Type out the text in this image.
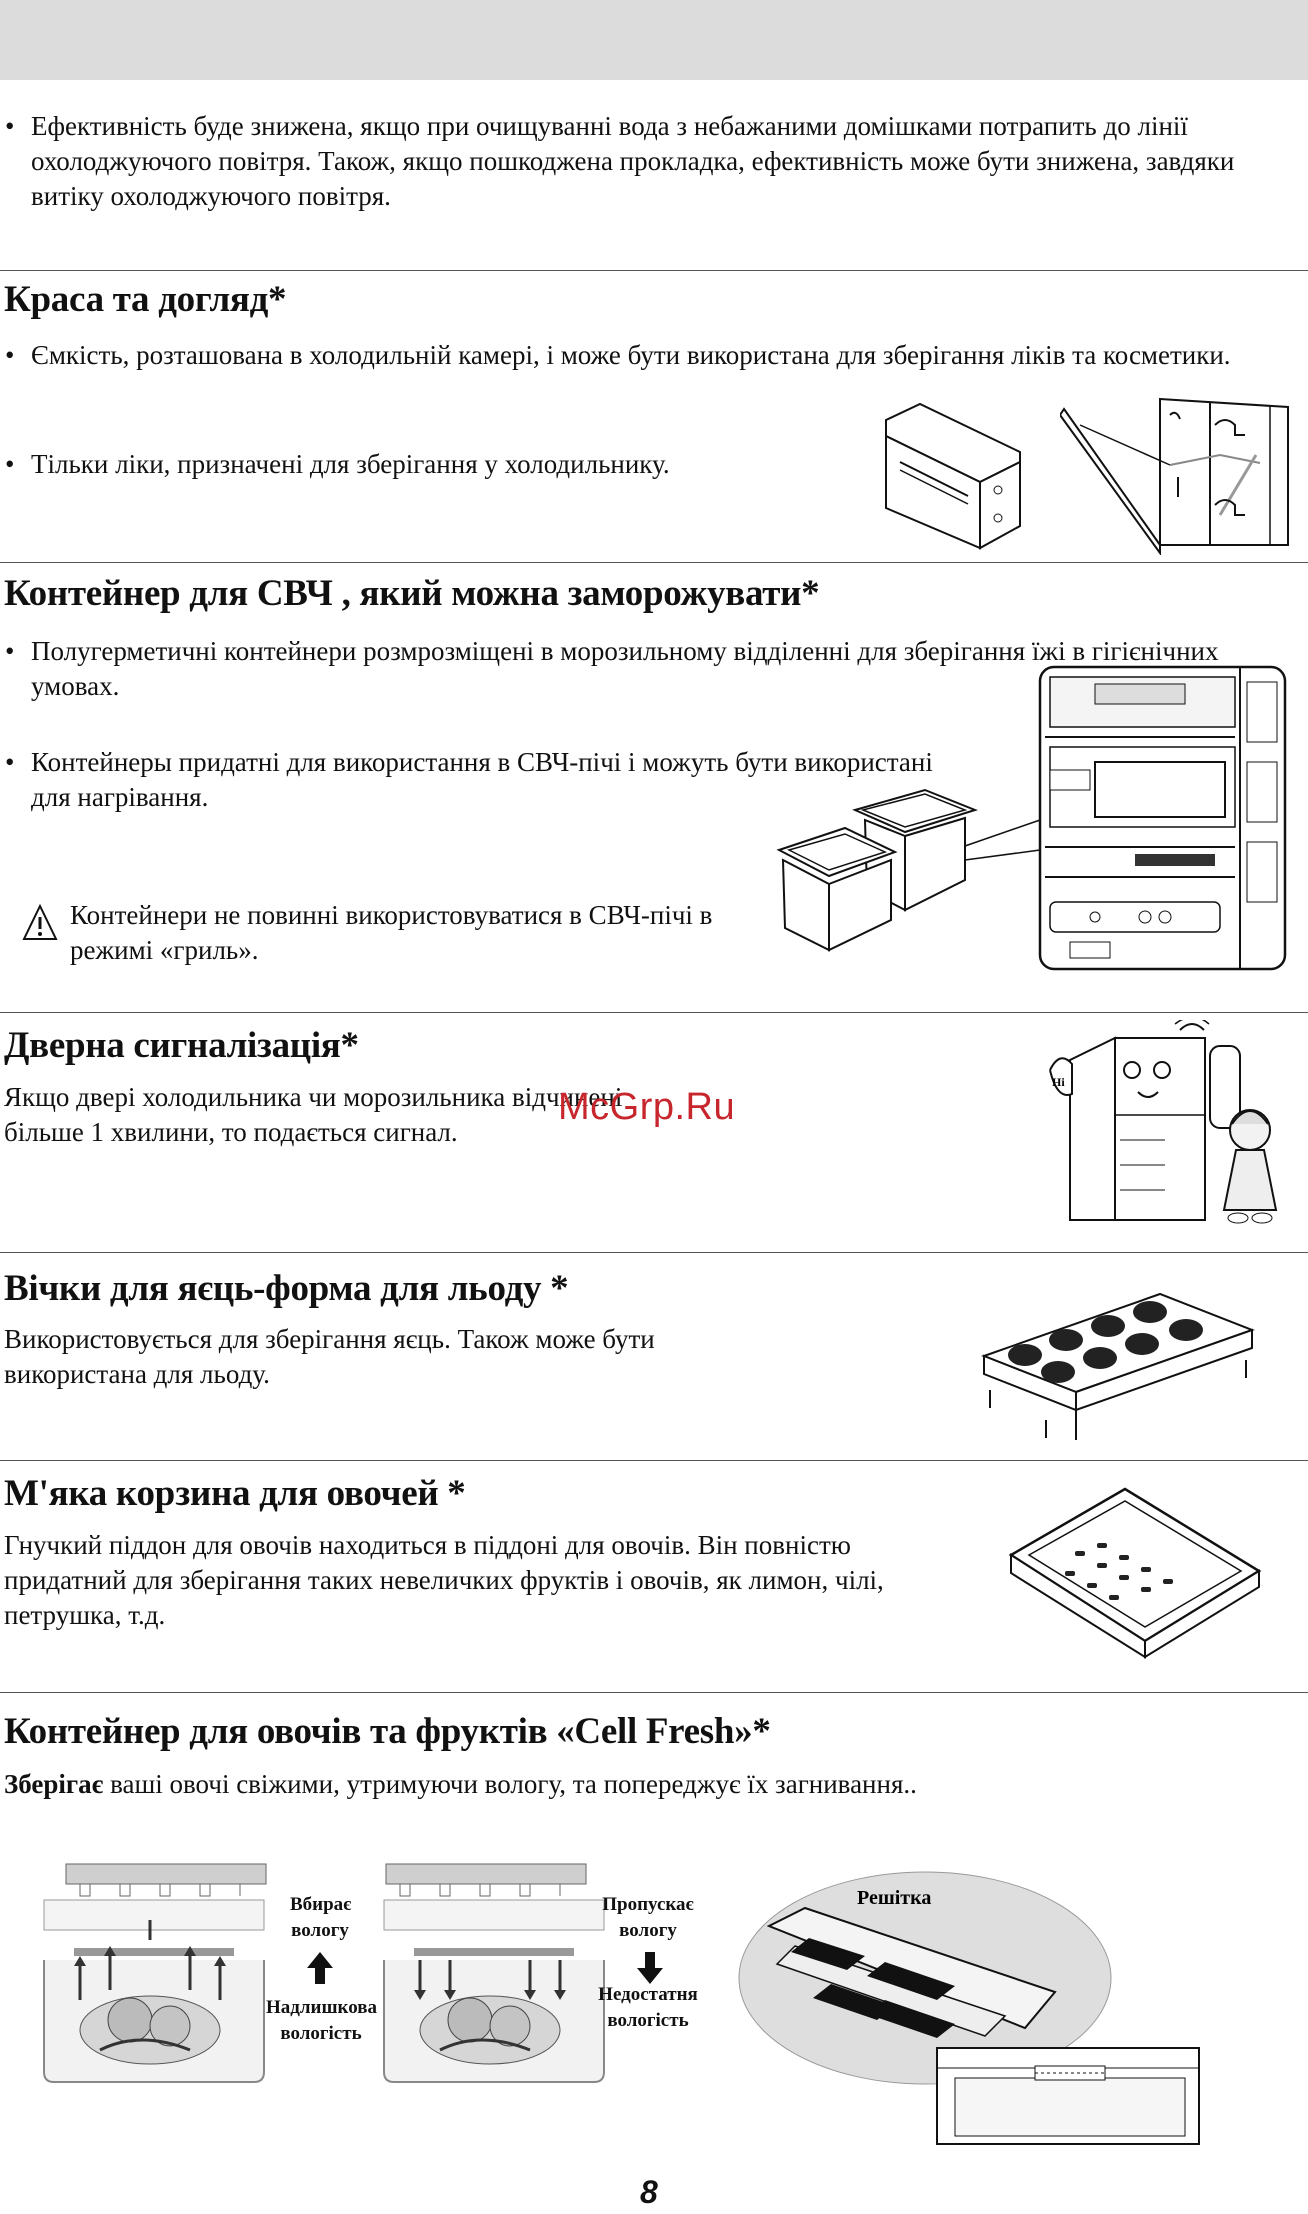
• Ефективність буде знижена, якщо при очищуванні вода з небажаними домішками потрапить до лінії охолоджуючого повітря. Також, якщо пошкоджена прокладка, ефективність може бути знижена, завдяки витіку охолоджуючого повітря.

Краса та догляд*

• Ємкість, розташована в холодильній камері, і може бути використана для зберігання ліків та косметики.

• Тільки ліки, призначені для зберігання у холодильнику.

Контейнер для СВЧ , який можна заморожувати*

• Полугерметичні контейнери розмрозміщені в морозильному відділенні для зберігання їжі в гігієнічних умовах.

• Контейнеры придатні для використання в СВЧ-пічі і можуть бути використані для нагрівання.

Контейнери не повинні використовуватися в СВЧ-пічі в режимі «гриль».

Дверна сигналізація*

Якщо двері холодильника чи морозильника відчинені більше 1 хвилини, то подається сигнал.

Hi
Вічки для яєць-форма для льоду *

Використовується для зберігання яєць. Також може бути використана для льоду.

М'яка корзина для овочей *

Гнучкий піддон для овочів находиться в піддоні для овочів. Він повністю придатний для зберігання таких невеличких фруктів і овочів, як лимон, чілі, петрушка, т.д.

Контейнер для овочів та фруктів «Cell Fresh»*

Зберігає ваші овочі свіжими, утримуючи вологу, та попереджує їх загнивання..

Вбирає
вологу
Надлишкова
вологість
Пропускає
вологу
Недостатня
вологість
Решітка
McGrp.Ru
8
